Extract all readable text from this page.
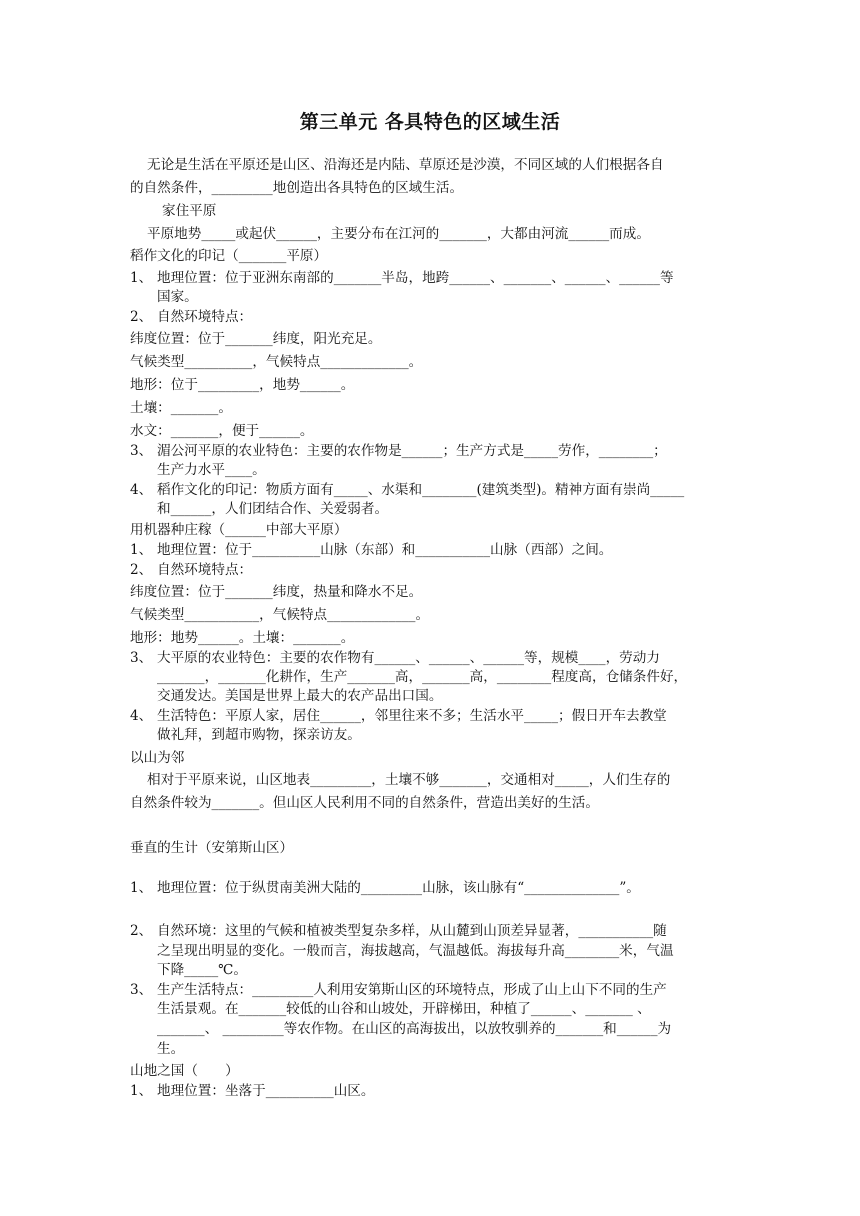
第三单元 各具特色的区域生活
无论是生活在平原还是山区、沿海还是内陆、草原还是沙漠，不同区域的人们根据各自
的自然条件，_________地创造出各具特色的区域生活。
家住平原
平原地势_____或起伏______，主要分布在江河的_______，大都由河流______而成。
稻作文化的印记（_______平原）
1、 地理位置：位于亚洲东南部的_______半岛，地跨______、_______、______、______等
国家。
2、 自然环境特点：
纬度位置：位于_______纬度，阳光充足。
气候类型__________，气候特点_____________。
地形：位于_________，地势______。
土壤：_______。
水文：_______，便于______。
3、 湄公河平原的农业特色：主要的农作物是______；生产方式是_____劳作，________；
生产力水平____。
4、 稻作文化的印记：物质方面有_____、水渠和________(建筑类型)。精神方面有崇尚_____
和______，人们团结合作、关爱弱者。
用机器种庄稼（______中部大平原）
1、 地理位置：位于__________山脉（东部）和___________山脉（西部）之间。
2、 自然环境特点：
纬度位置：位于_______纬度，热量和降水不足。
气候类型___________，气候特点_____________。
地形：地势______。土壤：_______。
3、 大平原的农业特色：主要的农作物有______、______、______等，规模____，劳动力
_______，_______化耕作，生产_______高，_______高，________程度高，仓储条件好，
交通发达。美国是世界上最大的农产品出口国。
4、 生活特色：平原人家，居住______，邻里往来不多；生活水平_____；假日开车去教堂
做礼拜，到超市购物，探亲访友。
以山为邻
相对于平原来说，山区地表_________，土壤不够_______，交通相对_____，人们生存的
自然条件较为_______。但山区人民利用不同的自然条件，营造出美好的生活。
垂直的生计（安第斯山区）
1、 地理位置：位于纵贯南美洲大陆的_________山脉，该山脉有“______________”。
2、 自然环境：这里的气候和植被类型复杂多样，从山麓到山顶差异显著，___________随
之呈现出明显的变化。一般而言，海拔越高，气温越低。海拔每升高________米，气温
下降_____℃。
3、 生产生活特点：_________人利用安第斯山区的环境特点，形成了山上山下不同的生产
生活景观。在_______较低的山谷和山坡处，开辟梯田，种植了______、_______ 、
_______、 _________等农作物。在山区的高海拔出，以放牧驯养的_______和______为
生。
山地之国（　　）
1、 地理位置：坐落于__________山区。
